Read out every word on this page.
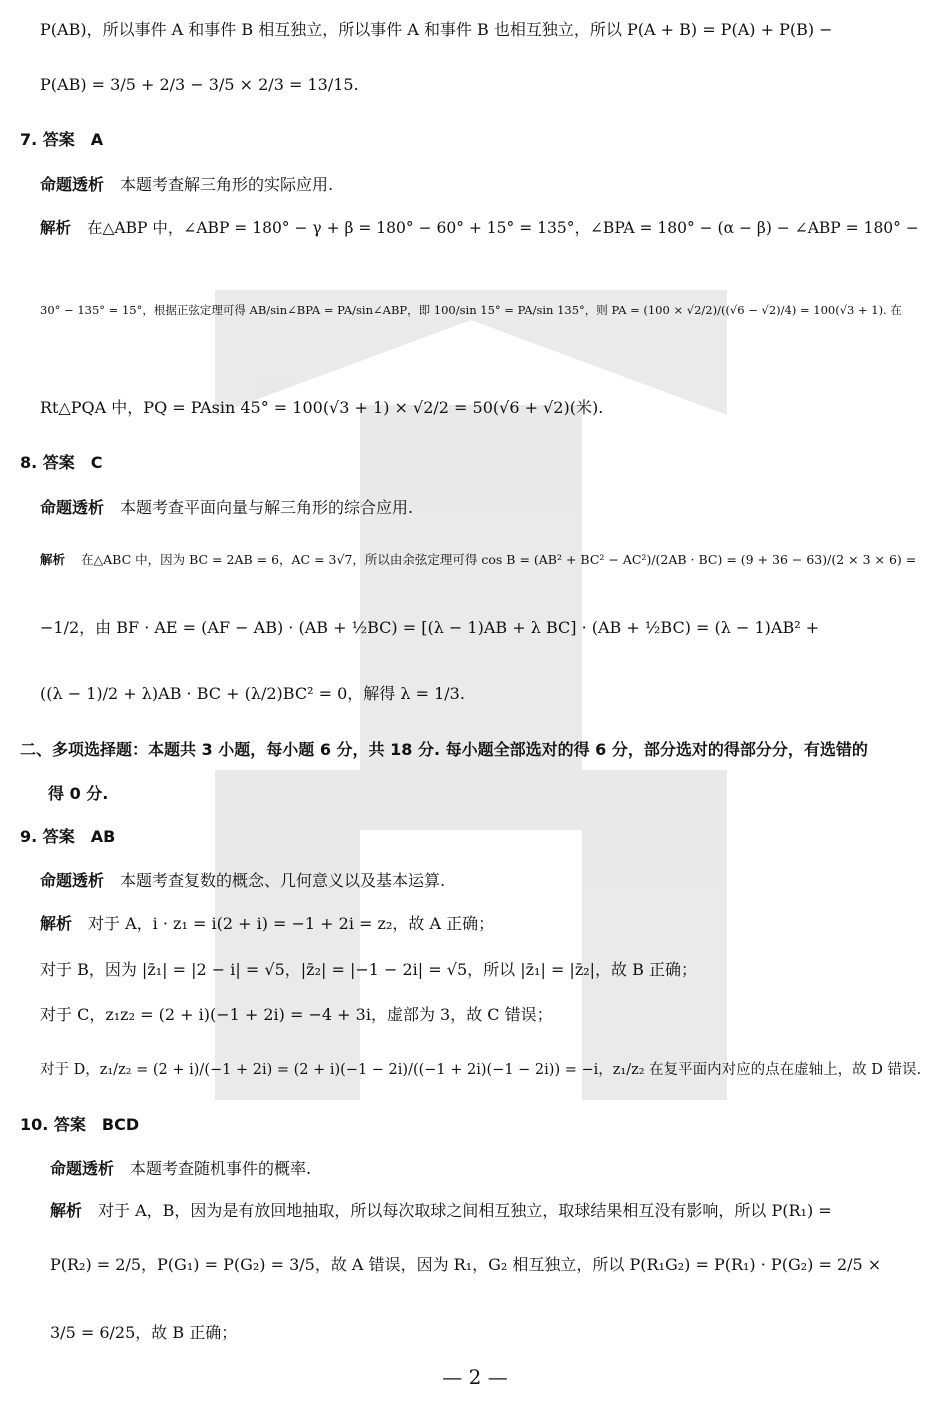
P(AB)，所以事件 A 和事件 B 相互独立，所以事件 A 和事件 B 也相互独立，所以 P(A + B) = P(A) + P(B) −
P(AB) = 3/5 + 2/3 − 3/5 × 2/3 = 13/15.
7. 答案　A
命题透析 本题考查解三角形的实际应用.
解析 在△ABP 中，∠ABP = 180° − γ + β = 180° − 60° + 15° = 135°，∠BPA = 180° − (α − β) − ∠ABP = 180° −
30° − 135° = 15°，根据正弦定理可得 AB/sin∠BPA = PA/sin∠ABP，即 100/sin 15° = PA/sin 135°，则 PA = (100 × √2/2)/((√6 − √2)/4) = 100(√3 + 1). 在
Rt△PQA 中，PQ = PAsin 45° = 100(√3 + 1) × √2/2 = 50(√6 + √2)(米).
8. 答案　C
命题透析 本题考查平面向量与解三角形的综合应用.
解析 在△ABC 中，因为 BC = 2AB = 6，AC = 3√7，所以由余弦定理可得 cos B = (AB² + BC² − AC²)/(2AB · BC) = (9 + 36 − 63)/(2 × 3 × 6) =
−1/2，由 BF · AE = (AF − AB) · (AB + ½BC) = [(λ − 1)AB + λ BC] · (AB + ½BC) = (λ − 1)AB² +
((λ − 1)/2 + λ)AB · BC + (λ/2)BC² = 0，解得 λ = 1/3.
二、多项选择题：本题共 3 小题，每小题 6 分，共 18 分. 每小题全部选对的得 6 分，部分选对的得部分分，有选错的
得 0 分.
9. 答案　AB
命题透析 本题考查复数的概念、几何意义以及基本运算.
解析 对于 A，i · z₁ = i(2 + i) = −1 + 2i = z₂，故 A 正确；
对于 B，因为 |z̄₁| = |2 − i| = √5，|z̄₂| = |−1 − 2i| = √5，所以 |z̄₁| = |z̄₂|，故 B 正确；
对于 C，z₁z₂ = (2 + i)(−1 + 2i) = −4 + 3i，虚部为 3，故 C 错误；
对于 D，z₁/z₂ = (2 + i)/(−1 + 2i) = (2 + i)(−1 − 2i)/((−1 + 2i)(−1 − 2i)) = −i，z₁/z₂ 在复平面内对应的点在虚轴上，故 D 错误.
10. 答案　BCD
命题透析 本题考查随机事件的概率.
解析 对于 A，B，因为是有放回地抽取，所以每次取球之间相互独立，取球结果相互没有影响，所以 P(R₁) =
P(R₂) = 2/5，P(G₁) = P(G₂) = 3/5，故 A 错误，因为 R₁，G₂ 相互独立，所以 P(R₁G₂) = P(R₁) · P(G₂) = 2/5 ×
3/5 = 6/25，故 B 正确；
— 2 —
